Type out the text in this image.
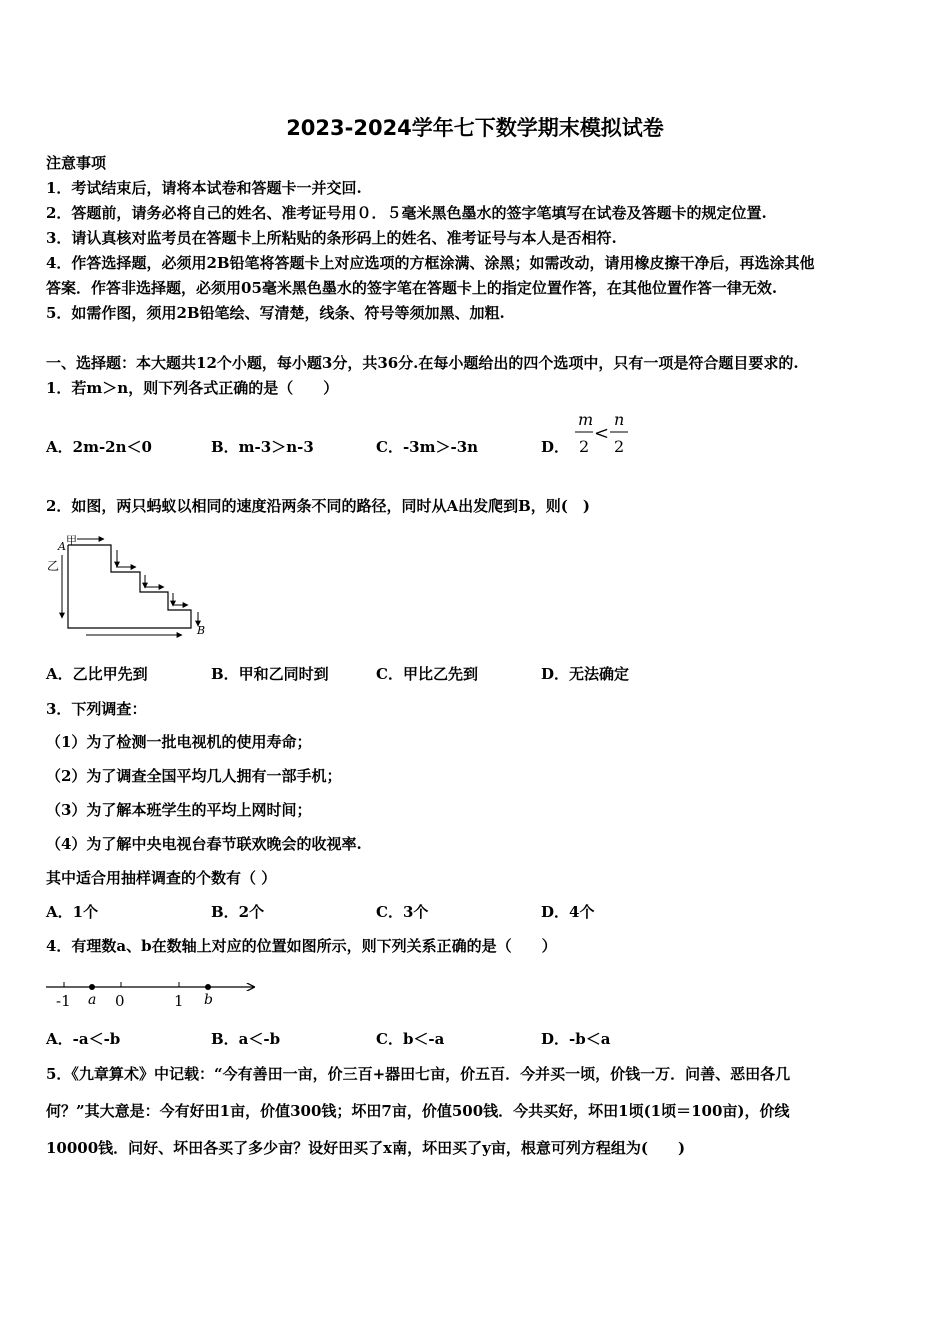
2023-2024学年七下数学期末模拟试卷
注意事项
1．考试结束后，请将本试卷和答题卡一并交回.
2．答题前，请务必将自己的姓名、准考证号用０．５毫米黑色墨水的签字笔填写在试卷及答题卡的规定位置.
3．请认真核对监考员在答题卡上所粘贴的条形码上的姓名、准考证号与本人是否相符.
4．作答选择题，必须用2B铅笔将答题卡上对应选项的方框涂满、涂黑；如需改动，请用橡皮擦干净后，再选涂其他
答案．作答非选择题，必须用05毫米黑色墨水的签字笔在答题卡上的指定位置作答，在其他位置作答一律无效.
5．如需作图，须用2B铅笔绘、写清楚，线条、符号等须加黑、加粗.
一、选择题：本大题共12个小题，每小题3分，共36分.在每小题给出的四个选项中，只有一项是符合题目要求的.
1．若m＞n，则下列各式正确的是（　　）
A．2m-2n＜0	B．m-3＞n-3	C．-3m＞-3n	D．
m
2
<
n
2
2．如图，两只蚂蚁以相同的速度沿两条不同的路径，同时从A出发爬到B，则(　)
A 甲
乙
B
A．乙比甲先到	B．甲和乙同时到	C．甲比乙先到	D．无法确定
3．下列调查：
（1）为了检测一批电视机的使用寿命；
（2）为了调查全国平均几人拥有一部手机；
（3）为了解本班学生的平均上网时间；
（4）为了解中央电视台春节联欢晚会的收视率.
其中适合用抽样调查的个数有（ ）
A．1个	B．2个	C．3个	D．4个
4．有理数a、b在数轴上对应的位置如图所示，则下列关系正确的是（　　）
-1 a 0	1 b
A．-a＜-b	B．a＜-b	C．b＜-a	D．-b＜a
5．《九章算术》中记载：“今有善田一亩，价三百+器田七亩，价五百．今并买一顷，价钱一万．问善、恶田各几
何？”其大意是：今有好田1亩，价值300钱；坏田7亩，价值500钱．今共买好，坏田1顷(1顷＝100亩)，价线
10000钱．问好、坏田各买了多少亩？设好田买了x南，坏田买了y亩，根意可列方程组为(　　)
